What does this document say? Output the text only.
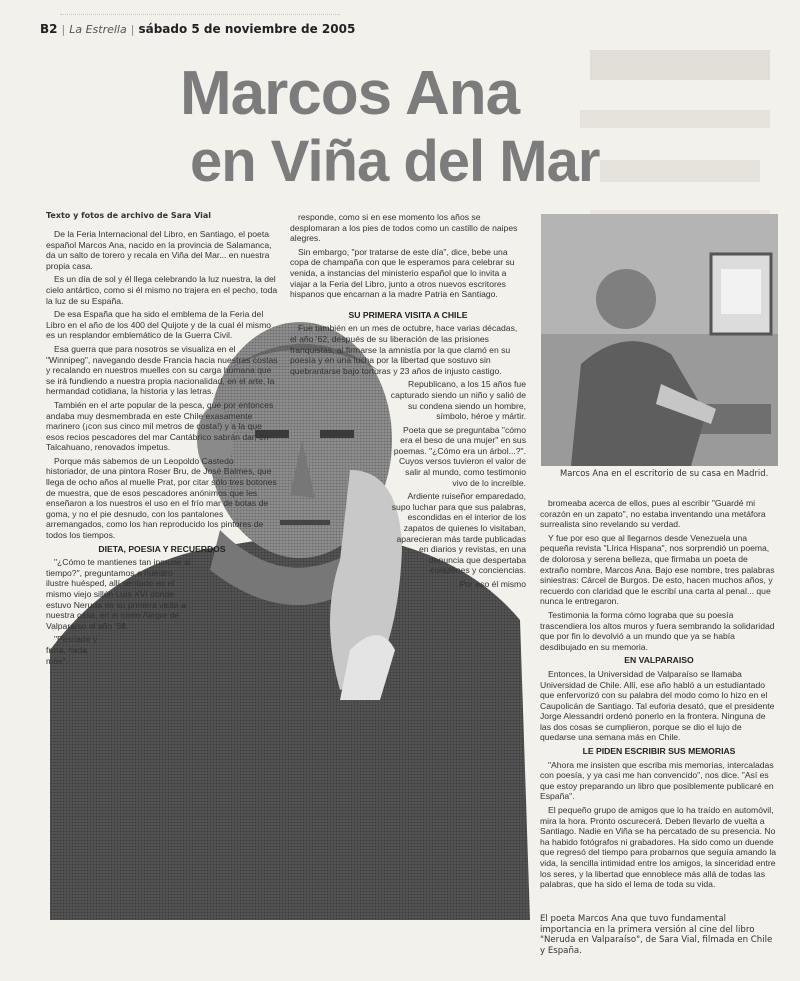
B2 | La Estrella | sábado 5 de noviembre de 2005
Marcos Ana
en Viña del Mar
Texto y fotos de archivo de Sara Vial

De la Feria Internacional del Libro, en Santiago, el poeta español Marcos Ana, nacido en la provincia de Salamanca, da un salto de torero y recala en Viña del Mar... en nuestra propia casa.

Es un día de sol y él llega celebrando la luz nuestra, la del cielo antártico, como si él mismo no trajera en el pecho, toda la luz de su España.

De esa España que ha sido el emblema de la Feria del Libro en el año de los 400 del Quijote y de la cual él mismo es un resplandor emblemático de la Guerra Civil.

Esa guerra que para nosotros se visualiza en el "Winnipeg", navegando desde Francia hacia nuestras costas y recalando en nuestros muelles con su carga humana que se irá fundiendo a nuestra propia nacionalidad, en el arte, la hermandad cotidiana, la historia y las letras.

También en el arte popular de la pesca, que por entonces andaba muy desmembrada en este Chile exasamente marinero (¡con sus cinco mil metros de costa!) y a la que esos recios pescadores del mar Cantábrico sabrán dar, en Talcahuano, renovados ímpetus.

Porque más sabemos de un Leopoldo Castedo historiador, de una pintora Roser Bru, de José Balmes, que llega de ocho años al muelle Prat, por citar sólo tres botones de muestra, que de esos pescadores anónimos que les enseñaron a los nuestros el uso en el frío mar de botas de goma, y no el pie desnudo, con los pantalones arremangados, como los han reproducido los pintores de todos los tiempos.

DIETA, POESIA Y RECUERDOS

"¿Cómo te mantienes tan inmune al tiempo?", preguntamos a nuestro ilustre huésped, allí sentado en el mismo viejo sillón Luis XVI donde estuvo Neruda en su primera visita a nuestra casa, en el cerro Alegre de Valparaíso el año '58.

"Pescado y fruta, nada más",

responde, como si en ese momento los años se desplomaran a los pies de todos como un castillo de naipes alegres.

Sin embargo, "por tratarse de este día", dice, bebe una copa de champaña con que le esperamos para celebrar su venida, a instancias del ministerio español que lo invita a viajar a la Feria del Libro, junto a otros nuevos escritores hispanos que encarnan a la madre Patria en Santiago.

SU PRIMERA VISITA A CHILE

Fue también en un mes de octubre, hace varias décadas, el año '62, después de su liberación de las prisiones franquistas, al firmarse la amnistía por la que clamó en su poesía y en una lucha por la libertad que sostuvo sin quebrantarse bajo torturas y 23 años de injusto castigo.

Republicano, a los 15 años fue capturado siendo un niño y salió de su condena siendo un hombre, símbolo, héroe y mártir.

Poeta que se preguntaba "cómo era el beso de una mujer" en sus poemas. "¿Cómo era un árbol...?". Cuyos versos tuvieron el valor de salir al mundo, como testimonio vivo de lo increíble.

Ardiente ruiseñor emparedado, supo luchar para que sus palabras, escondidas en el interior de los zapatos de quienes lo visitaban, aparecieran más tarde publicadas en diarios y revistas, en una denuncia que despertaba corazones y conciencias.

Por eso él mismo

Marcos Ana en el escritorio de su casa en Madrid.

bromeaba acerca de ellos, pues al escribir "Guardé mi corazón en un zapato", no estaba inventando una metáfora surrealista sino revelando su verdad.

Y fue por eso que al llegarnos desde Venezuela una pequeña revista "Lírica Hispana", nos sorprendió un poema, de dolorosa y serena belleza, que firmaba un poeta de extraño nombre, Marcos Ana. Bajo ese nombre, tres palabras siniestras: Cárcel de Burgos. De esto, hacen muchos años, y recuerdo con claridad que le escribí una carta al penal... que nunca le entregaron.

Testimonia la forma cómo lograba que su poesía trascendiera los altos muros y fuera sembrando la solidaridad que por fin lo devolvió a un mundo que ya se había desdibujado en su memoria.

EN VALPARAISO

Entonces, la Universidad de Valparaíso se llamaba Universidad de Chile. Allí, ese año habló a un estudiantado que enfervorizó con su palabra del modo como lo hizo en el Caupolicán de Santiago. Tal euforia desató, que el presidente Jorge Alessandri ordenó ponerlo en la frontera. Ninguna de las dos cosas se cumplieron, porque se dio el lujo de quedarse una semana más en Chile.

LE PIDEN ESCRIBIR SUS MEMORIAS

"Ahora me insisten que escriba mis memorias, intercaladas con poesía, y ya casi me han convencido", nos dice. "Así es que estoy preparando un libro que posiblemente publicaré en España".

El pequeño grupo de amigos que lo ha traído en automóvil, mira la hora. Pronto oscurecerá. Deben llevarlo de vuelta a Santiago. Nadie en Viña se ha percatado de su presencia. No ha habido fotógrafos ni grabadores. Ha sido como un duende que regresó del tiempo para probarnos que seguía amando la vida, la sencilla intimidad entre los amigos, la sinceridad entre los seres, y la libertad que ennoblece más allá de todas las palabras, que ha sido el lema de toda su vida.

El poeta Marcos Ana que tuvo fundamental importancia en la primera versión al cine del libro "Neruda en Valparaíso", de Sara Vial, filmada en Chile y España.
